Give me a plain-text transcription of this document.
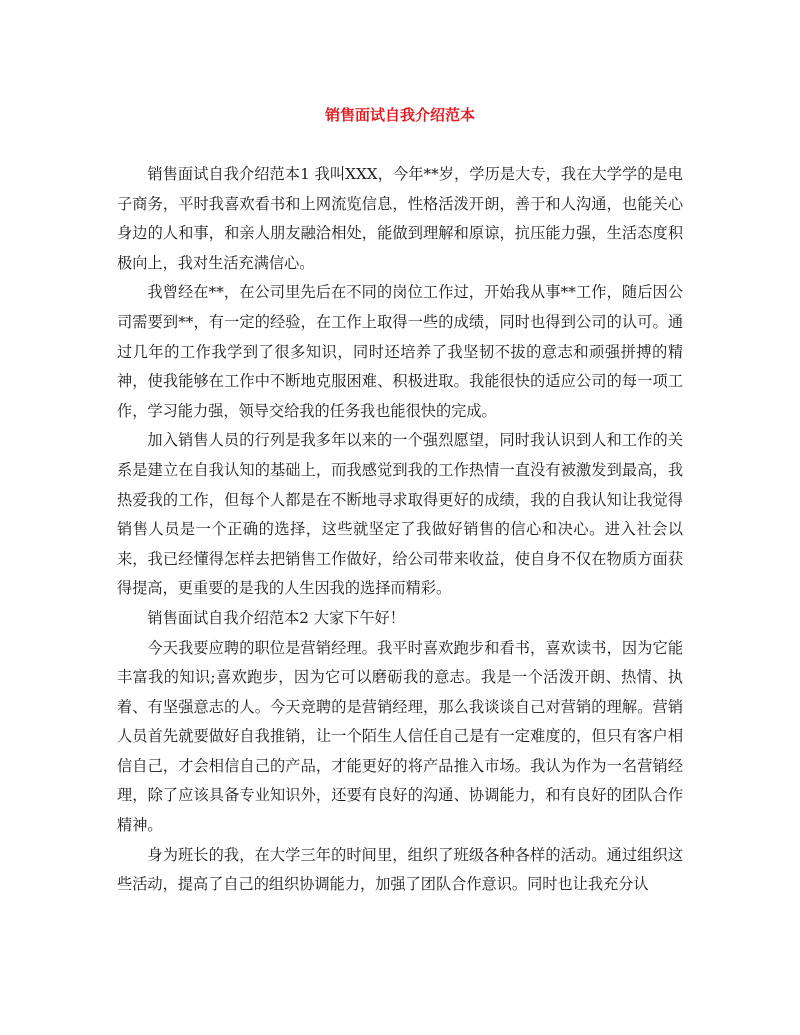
销售面试自我介绍范本

销售面试自我介绍范本1 我叫XXX，今年**岁，学历是大专，我在大学学的是电子商务，平时我喜欢看书和上网流览信息，性格活泼开朗，善于和人沟通，也能关心身边的人和事，和亲人朋友融洽相处，能做到理解和原谅，抗压能力强，生活态度积极向上，我对生活充满信心。

我曾经在**，在公司里先后在不同的岗位工作过，开始我从事**工作，随后因公司需要到**，有一定的经验，在工作上取得一些的成绩，同时也得到公司的认可。通过几年的工作我学到了很多知识，同时还培养了我坚韧不拔的意志和顽强拼搏的精神，使我能够在工作中不断地克服困难、积极进取。我能很快的适应公司的每一项工作，学习能力强，领导交给我的任务我也能很快的完成。

加入销售人员的行列是我多年以来的一个强烈愿望，同时我认识到人和工作的关系是建立在自我认知的基础上，而我感觉到我的工作热情一直没有被激发到最高，我热爱我的工作，但每个人都是在不断地寻求取得更好的成绩，我的自我认知让我觉得销售人员是一个正确的选择，这些就坚定了我做好销售的信心和决心。进入社会以来，我已经懂得怎样去把销售工作做好，给公司带来收益，使自身不仅在物质方面获得提高，更重要的是我的人生因我的选择而精彩。

销售面试自我介绍范本2 大家下午好！

今天我要应聘的职位是营销经理。我平时喜欢跑步和看书，喜欢读书，因为它能丰富我的知识;喜欢跑步，因为它可以磨砺我的意志。我是一个活泼开朗、热情、执着、有坚强意志的人。今天竞聘的是营销经理，那么我谈谈自己对营销的理解。营销人员首先就要做好自我推销，让一个陌生人信任自己是有一定难度的，但只有客户相信自己，才会相信自己的产品，才能更好的将产品推入市场。我认为作为一名营销经理，除了应该具备专业知识外，还要有良好的沟通、协调能力，和有良好的团队合作精神。

身为班长的我，在大学三年的时间里，组织了班级各种各样的活动。通过组织这些活动，提高了自己的组织协调能力，加强了团队合作意识。同时也让我充分认
